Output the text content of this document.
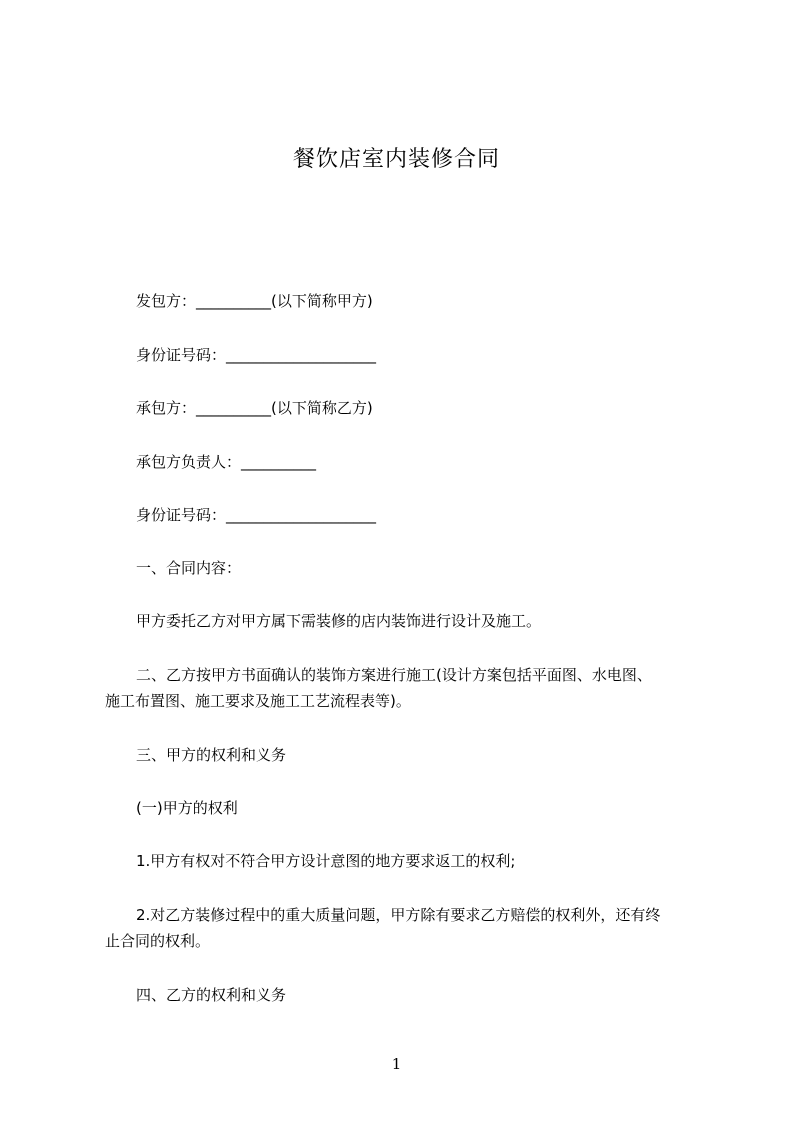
餐饮店室内装修合同
发包方：__________(以下简称甲方)
身份证号码：____________________
承包方：__________(以下简称乙方)
承包方负责人：__________
身份证号码：____________________
一、合同内容：
甲方委托乙方对甲方属下需装修的店内装饰进行设计及施工。
二、乙方按甲方书面确认的装饰方案进行施工(设计方案包括平面图、水电图、
施工布置图、施工要求及施工工艺流程表等)。
三、甲方的权利和义务
(一)甲方的权利
1.甲方有权对不符合甲方设计意图的地方要求返工的权利;
2.对乙方装修过程中的重大质量问题，甲方除有要求乙方赔偿的权利外，还有终
止合同的权利。
四、乙方的权利和义务
1
